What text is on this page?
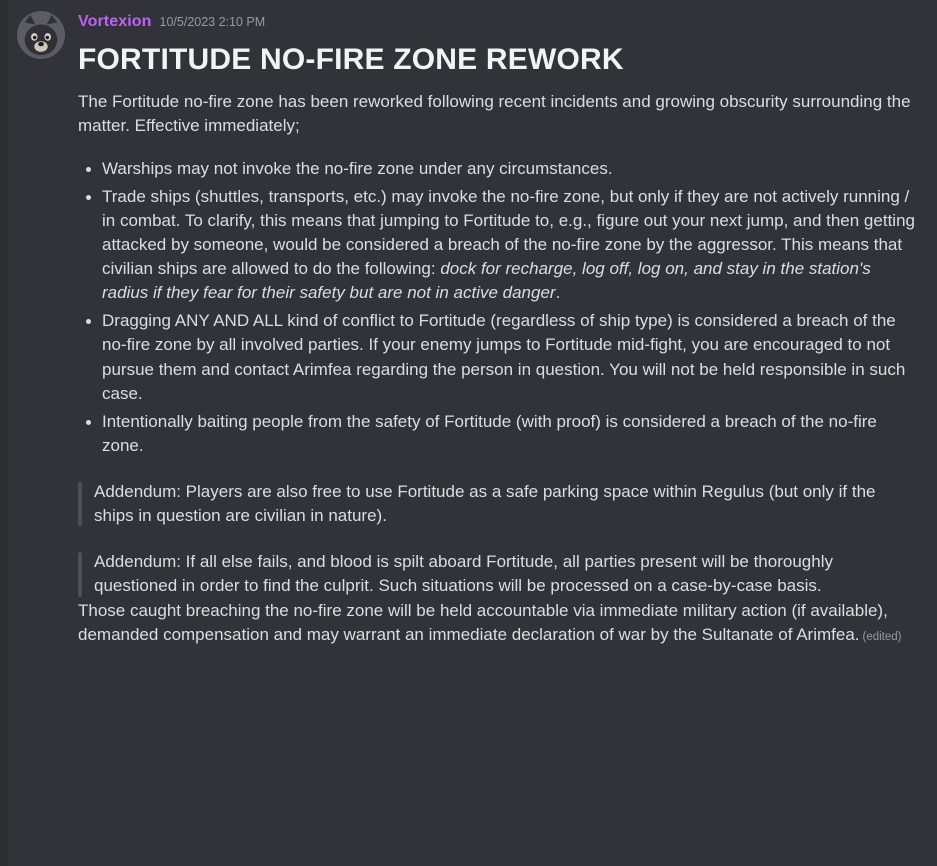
Vortexion 10/5/2023 2:10 PM
FORTITUDE NO-FIRE ZONE REWORK

The Fortitude no-fire zone has been reworked following recent incidents and growing obscurity surrounding the matter. Effective immediately;

Warships may not invoke the no-fire zone under any circumstances.
Trade ships (shuttles, transports, etc.) may invoke the no-fire zone, but only if they are not actively running / in combat. To clarify, this means that jumping to Fortitude to, e.g., figure out your next jump, and then getting attacked by someone, would be considered a breach of the no-fire zone by the aggressor. This means that civilian ships are allowed to do the following: dock for recharge, log off, log on, and stay in the station's radius if they fear for their safety but are not in active danger.
Dragging ANY AND ALL kind of conflict to Fortitude (regardless of ship type) is considered a breach of the no-fire zone by all involved parties. If your enemy jumps to Fortitude mid-fight, you are encouraged to not pursue them and contact Arimfea regarding the person in question. You will not be held responsible in such case.
Intentionally baiting people from the safety of Fortitude (with proof) is considered a breach of the no-fire zone.

Addendum: Players are also free to use Fortitude as a safe parking space within Regulus (but only if the ships in question are civilian in nature).

Addendum: If all else fails, and blood is spilt aboard Fortitude, all parties present will be thoroughly questioned in order to find the culprit. Such situations will be processed on a case-by-case basis.

Those caught breaching the no-fire zone will be held accountable via immediate military action (if available), demanded compensation and may warrant an immediate declaration of war by the Sultanate of Arimfea. (edited)
